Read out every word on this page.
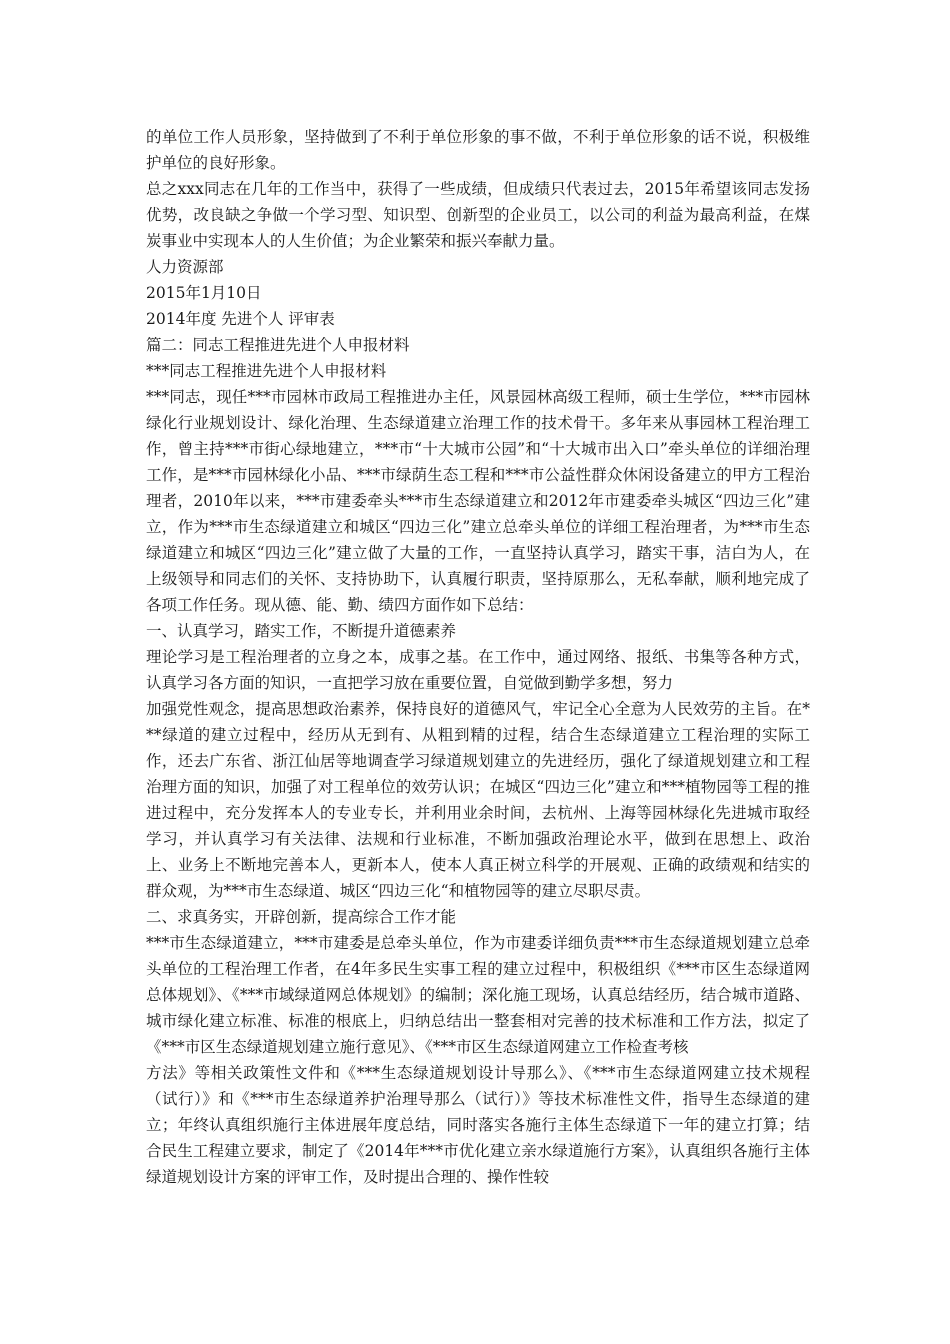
的单位工作人员形象，坚持做到了不利于单位形象的事不做，不利于单位形象的话不说，积极维护单位的良好形象。

总之xxx同志在几年的工作当中，获得了一些成绩，但成绩只代表过去，2015年希望该同志发扬优势，改良缺之争做一个学习型、知识型、创新型的企业员工，以公司的利益为最高利益，在煤炭事业中实现本人的人生价值；为企业繁荣和振兴奉献力量。

人力资源部

2015年1月10日

2014年度 先进个人 评审表

篇二：同志工程推进先进个人申报材料

***同志工程推进先进个人申报材料

***同志，现任***市园林市政局工程推进办主任，风景园林高级工程师，硕士生学位，***市园林绿化行业规划设计、绿化治理、生态绿道建立治理工作的技术骨干。多年来从事园林工程治理工作，曾主持***市街心绿地建立，***市“十大城市公园”和“十大城市出入口”牵头单位的详细治理工作，是***市园林绿化小品、***市绿荫生态工程和***市公益性群众休闲设备建立的甲方工程治理者，2010年以来，***市建委牵头***市生态绿道建立和2012年市建委牵头城区“四边三化”建立，作为***市生态绿道建立和城区“四边三化”建立总牵头单位的详细工程治理者，为***市生态绿道建立和城区“四边三化”建立做了大量的工作，一直坚持认真学习，踏实干事，洁白为人，在上级领导和同志们的关怀、支持协助下，认真履行职责，坚持原那么，无私奉献，顺利地完成了各项工作任务。现从德、能、勤、绩四方面作如下总结：

一、认真学习，踏实工作，不断提升道德素养

理论学习是工程治理者的立身之本，成事之基。在工作中，通过网络、报纸、书集等各种方式，认真学习各方面的知识，一直把学习放在重要位置，自觉做到勤学多想，努力

加强党性观念，提高思想政治素养，保持良好的道德风气，牢记全心全意为人民效劳的主旨。在***绿道的建立过程中，经历从无到有、从粗到精的过程，结合生态绿道建立工程治理的实际工作，还去广东省、浙江仙居等地调查学习绿道规划建立的先进经历，强化了绿道规划建立和工程治理方面的知识，加强了对工程单位的效劳认识；在城区“四边三化”建立和***植物园等工程的推进过程中，充分发挥本人的专业专长，并利用业余时间，去杭州、上海等园林绿化先进城市取经学习，并认真学习有关法律、法规和行业标准，不断加强政治理论水平，做到在思想上、政治上、业务上不断地完善本人，更新本人，使本人真正树立科学的开展观、正确的政绩观和结实的群众观，为***市生态绿道、城区“四边三化“和植物园等的建立尽职尽责。

二、求真务实，开辟创新，提高综合工作才能

***市生态绿道建立，***市建委是总牵头单位，作为市建委详细负责***市生态绿道规划建立总牵头单位的工程治理工作者，在4年多民生实事工程的建立过程中，积极组织《***市区生态绿道网总体规划》、《***市域绿道网总体规划》的编制；深化施工现场，认真总结经历，结合城市道路、城市绿化建立标准、标准的根底上，归纳总结出一整套相对完善的技术标准和工作方法，拟定了《***市区生态绿道规划建立施行意见》、《***市区生态绿道网建立工作检查考核

方法》等相关政策性文件和《***生态绿道规划设计导那么》、《***市生态绿道网建立技术规程（试行）》和《***市生态绿道养护治理导那么（试行）》等技术标准性文件，指导生态绿道的建立；年终认真组织施行主体进展年度总结，同时落实各施行主体生态绿道下一年的建立打算；结合民生工程建立要求，制定了《2014年***市优化建立亲水绿道施行方案》，认真组织各施行主体绿道规划设计方案的评审工作，及时提出合理的、操作性较
